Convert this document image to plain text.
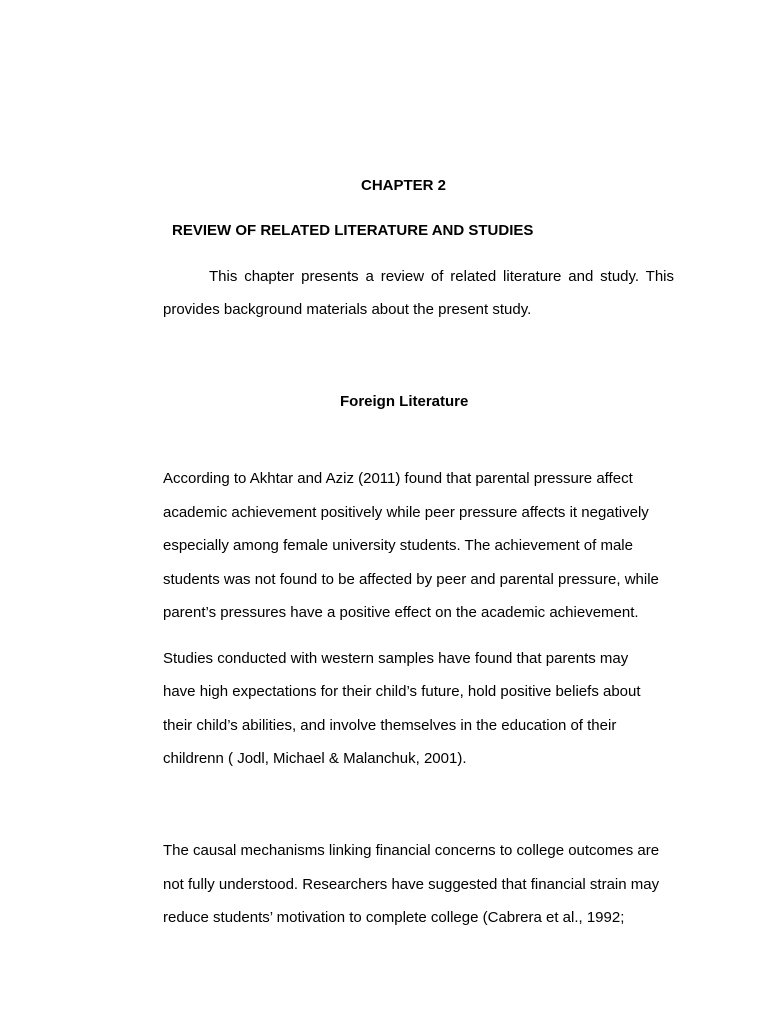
CHAPTER 2
REVIEW OF RELATED LITERATURE AND STUDIES
This chapter presents a review of related literature and study. This
provides background materials about the present study.
Foreign Literature
According to Akhtar and Aziz (2011) found that parental pressure affect
academic achievement positively while peer pressure affects it negatively
especially among female university students. The achievement of male
students was not found to be affected by peer and parental pressure, while
parent’s pressures have a positive effect on the academic achievement.
Studies conducted with western samples have found that parents may
have high expectations for their child’s future, hold positive beliefs about
their child’s abilities, and involve themselves in the education of their
childrenn ( Jodl, Michael & Malanchuk, 2001).
The causal mechanisms linking financial concerns to college outcomes are
not fully understood. Researchers have suggested that financial strain may
reduce students’ motivation to complete college (Cabrera et al., 1992;
